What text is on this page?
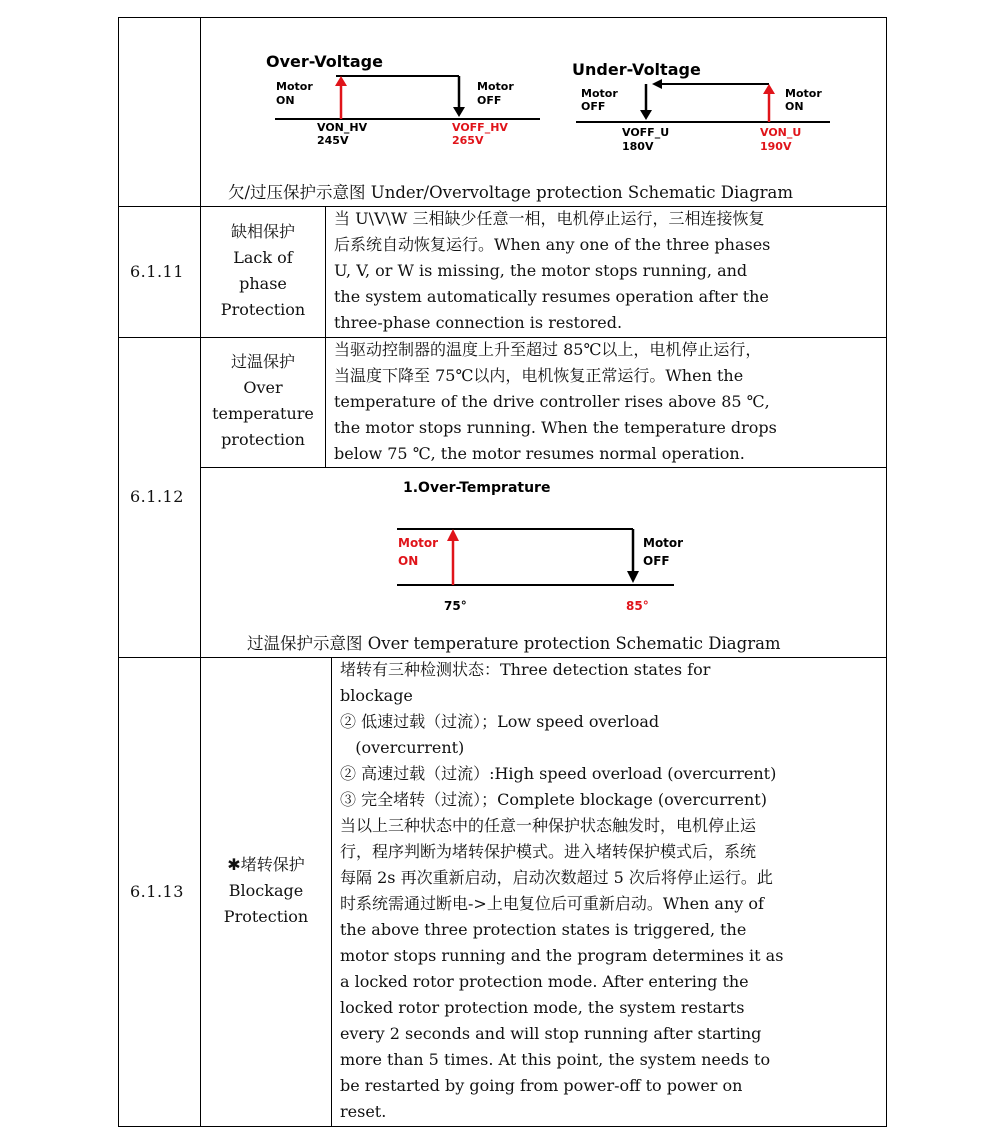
Over-Voltage
Motor
ON
Motor
OFF
VON_HV
245V
VOFF_HV
265V
Under-Voltage
Motor
OFF
Motor
ON
VOFF_U
180V
VON_U
190V
欠/过压保护示意图 Under/Overvoltage protection Schematic Diagram
6.1.11
缺相保护
Lack of
phase
Protection
当 U\V\W 三相缺少任意一相，电机停止运行，三相连接恢复
后系统自动恢复运行。When any one of the three phases
U, V, or W is missing, the motor stops running, and
the system automatically resumes operation after the
three-phase connection is restored.
6.1.12
过温保护
Over
temperature
protection
当驱动控制器的温度上升至超过 85℃以上，电机停止运行，
当温度下降至 75℃以内，电机恢复正常运行。When the
temperature of the drive controller rises above 85 ℃,
the motor stops running. When the temperature drops
below 75 ℃, the motor resumes normal operation.
1.Over-Temprature
Motor
ON
Motor
OFF
75°	85°
过温保护示意图 Over temperature protection Schematic Diagram
6.1.13
✱堵转保护
Blockage
Protection
堵转有三种检测状态：Three detection states for
blockage
② 低速过载（过流）；Low speed overload
(overcurrent)
② 高速过载（过流）:High speed overload (overcurrent)
③ 完全堵转（过流）；Complete blockage (overcurrent)
当以上三种状态中的任意一种保护状态触发时，电机停止运
行，程序判断为堵转保护模式。进入堵转保护模式后，系统
每隔 2s 再次重新启动，启动次数超过 5 次后将停止运行。此
时系统需通过断电->上电复位后可重新启动。When any of
the above three protection states is triggered, the
motor stops running and the program determines it as
a locked rotor protection mode. After entering the
locked rotor protection mode, the system restarts
every 2 seconds and will stop running after starting
more than 5 times. At this point, the system needs to
be restarted by going from power-off to power on
reset.
